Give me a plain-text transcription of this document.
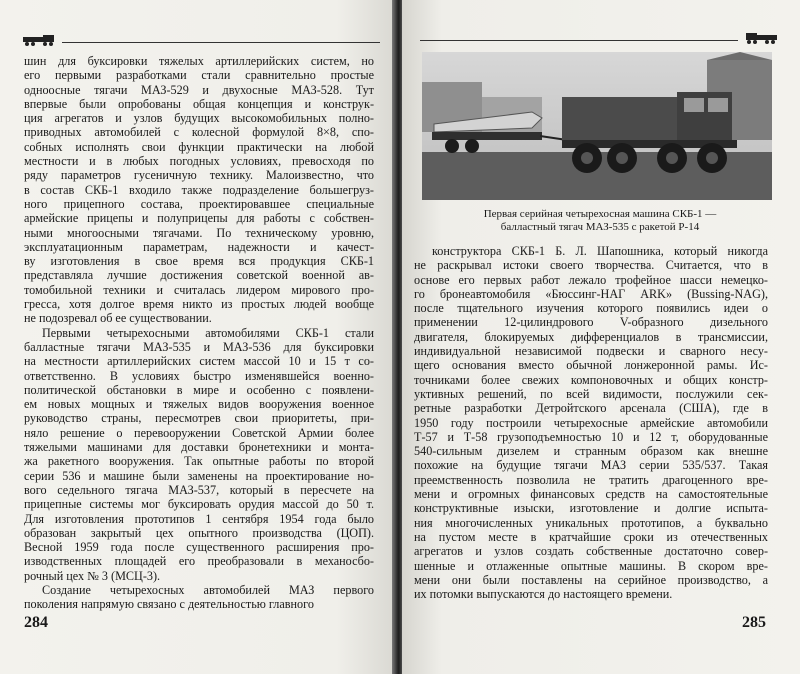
шин для буксировки тяжелых артиллерийских систем, но
его первыми разработками стали сравнительно простые
одноосные тягачи МАЗ-529 и двухосные МАЗ-528. Тут
впервые были опробованы общая концепция и конструк-
ция агрегатов и узлов будущих высокомобильных полно-
приводных автомобилей с колесной формулой 8×8, спо-
собных исполнять свои функции практически на любой
местности и в любых погодных условиях, превосходя по
ряду параметров гусеничную технику. Малоизвестно, что
в состав СКБ-1 входило также подразделение большегруз-
ного прицепного состава, проектировавшее специальные
армейские прицепы и полуприцепы для работы с собствен-
ными многоосными тягачами. По техническому уровню,
эксплуатационным параметрам, надежности и качест-
ву изготовления в свое время вся продукция СКБ-1
представляла лучшие достижения советской военной ав-
томобильной техники и считалась лидером мирового про-
гресса, хотя долгое время никто из простых людей вообще
не подозревал об ее существовании.

Первыми четырехосными автомобилями СКБ-1 стали
балластные тягачи МАЗ-535 и МАЗ-536 для буксировки
на местности артиллерийских систем массой 10 и 15 т со-
ответственно. В условиях быстро изменявшейся военно-
политической обстановки в мире и особенно с появлени-
ем новых мощных и тяжелых видов вооружения военное
руководство страны, пересмотрев свои приоритеты, при-
няло решение о перевооружении Советской Армии более
тяжелыми машинами для доставки бронетехники и монта-
жа ракетного вооружения. Так опытные работы по второй
серии 536 и машине были заменены на проектирование но-
вого седельного тягача МАЗ-537, который в пересчете на
прицепные системы мог буксировать орудия массой до 50 т.
Для изготовления прототипов 1 сентября 1954 года было
образован закрытый цех опытного производства (ЦОП).
Весной 1959 года после существенного расширения про-
изводственных площадей его преобразовали в механосбо-
рочный цех № 3 (МСЦ-3).

Создание четырехосных автомобилей МАЗ первого
поколения напрямую связано с деятельностью главного

284
Первая серийная четырехосная машина СКБ-1 —
балластный тягач МАЗ-535 с ракетой Р-14

конструктора СКБ-1 Б. Л. Шапошника, который никогда
не раскрывал истоки своего творчества. Считается, что в
основе его первых работ лежало трофейное шасси немецко-
го бронеавтомобиля «Бюссинг-НАГ ARK» (Bussing-NAG),
после тщательного изучения которого появились идеи о
применении 12-цилиндрового V-образного дизельного
двигателя, блокируемых дифференциалов в трансмиссии,
индивидуальной независимой подвески и сварного несу-
щего основания вместо обычной лонжеронной рамы. Ис-
точниками более свежих компоновочных и общих констр-
уктивных решений, по всей видимости, послужили сек-
ретные разработки Детройтского арсенала (США), где в
1950 году построили четырехосные армейские автомобили
Т-57 и Т-58 грузоподъемностью 10 и 12 т, оборудованные
540-сильным дизелем и странным образом как внешне
похожие на будущие тягачи МАЗ серии 535/537. Такая
преемственность позволила не тратить драгоценного вре-
мени и огромных финансовых средств на самостоятельные
конструктивные изыски, изготовление и долгие испыта-
ния многочисленных уникальных прототипов, а буквально
на пустом месте в кратчайшие сроки из отечественных
агрегатов и узлов создать собственные достаточно совер-
шенные и отлаженные опытные машины. В скором вре-
мени они были поставлены на серийное производство, а
их потомки выпускаются до настоящего времени.

285
